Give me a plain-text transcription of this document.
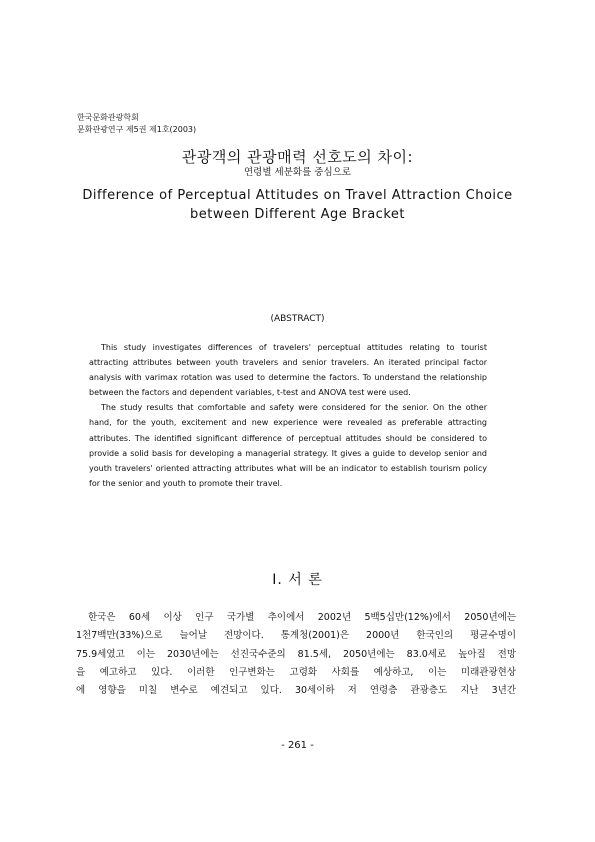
한국문화관광학회
문화관광연구 제5권 제1호(2003)
관광객의 관광매력 선호도의 차이:
연령별 세분화를 중심으로
Difference of Perceptual Attitudes on Travel Attraction Choice
between Different Age Bracket
(ABSTRACT)

This study investigates differences of travelers' perceptual attitudes relating to tourist attracting attributes between youth travelers and senior travelers. An iterated principal factor analysis with varimax rotation was used to determine the factors. To understand the relationship between the factors and dependent variables, t-test and ANOVA test were used.

The study results that comfortable and safety were considered for the senior. On the other hand, for the youth, excitement and new experience were revealed as preferable attracting attributes. The identified significant difference of perceptual attitudes should be considered to provide a solid basis for developing a managerial strategy. It gives a guide to develop senior and youth travelers' oriented attracting attributes what will be an indicator to establish tourism policy for the senior and youth to promote their travel.

I. 서 론
한국은 60세 이상 인구 국가별 추이에서 2002년 5백5십만(12%)에서 2050년에는
1천7백만(33%)으로 늘어날 전망이다. 통계청(2001)은 2000년 한국인의 평균수명이
75.9세였고 이는 2030년에는 선진국수준의 81.5세, 2050년에는 83.0세로 높아질 전망
을 예고하고 있다. 이러한 인구변화는 고령화 사회를 예상하고, 이는 미래관광현상
에 영향을 미칠 변수로 예견되고 있다. 30세이하 저 연령층 관광층도 지난 3년간
- 261 -
